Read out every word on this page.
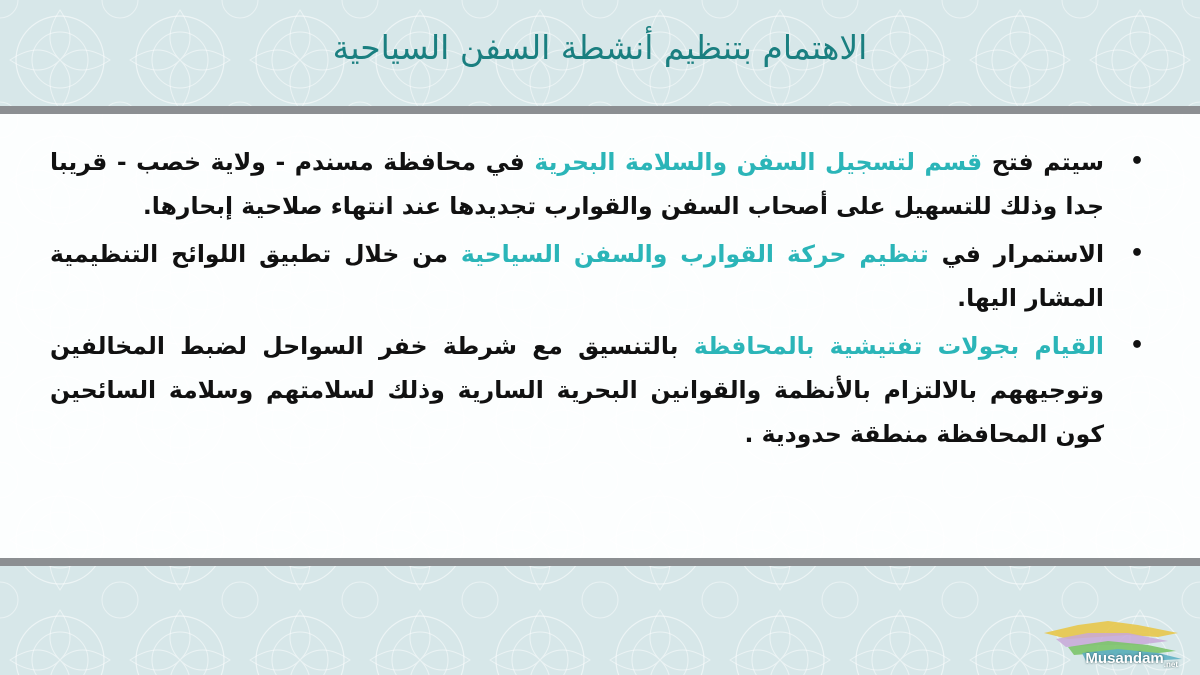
الاهتمام بتنظيم أنشطة السفن السياحية
•
سيتم فتح قسم لتسجيل السفن والسلامة البحرية في محافظة مسندم - ولاية خصب - قريبا جدا وذلك للتسهيل على أصحاب السفن والقوارب تجديدها عند انتهاء صلاحية إبحارها.
•
الاستمرار في تنظيم حركة القوارب والسفن السياحية من خلال تطبيق اللوائح التنظيمية المشار اليها.
•
القيام بجولات تفتيشية بالمحافظة بالتنسيق مع شرطة خفر السواحل لضبط المخالفين وتوجيههم بالالتزام بالأنظمة والقوانين البحرية السارية وذلك لسلامتهم وسلامة السائحين كون المحافظة منطقة حدودية .
Musandam$_{.net}$
